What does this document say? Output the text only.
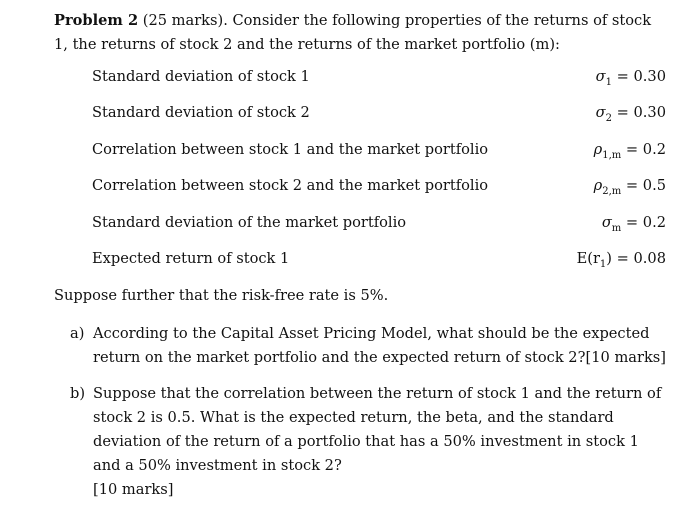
Problem 2 (25 marks). Consider the following properties of the returns of stock 1, the returns of stock 2 and the returns of the market portfolio (m):
Standard deviation of stock 1	$\sigma_1 = 0.30$
Standard deviation of stock 2	$\sigma_2 = 0.30$
Correlation between stock 1 and the market portfolio	$\rho_{1,m} = 0.2$
Correlation between stock 2 and the market portfolio	$\rho_{2,m} = 0.5$
Standard deviation of the market portfolio	$\sigma_m = 0.2$
Expected return of stock 1	$E(r_1) = 0.08$
Suppose further that the risk-free rate is 5%.
a) According to the Capital Asset Pricing Model, what should be the expected return on the market portfolio and the expected return of stock 2? [10 marks]
b) Suppose that the correlation between the return of stock 1 and the return of stock 2 is 0.5. What is the expected return, the beta, and the standard deviation of the return of a portfolio that has a 50% investment in stock 1 and a 50% investment in stock 2?
[10 marks]
